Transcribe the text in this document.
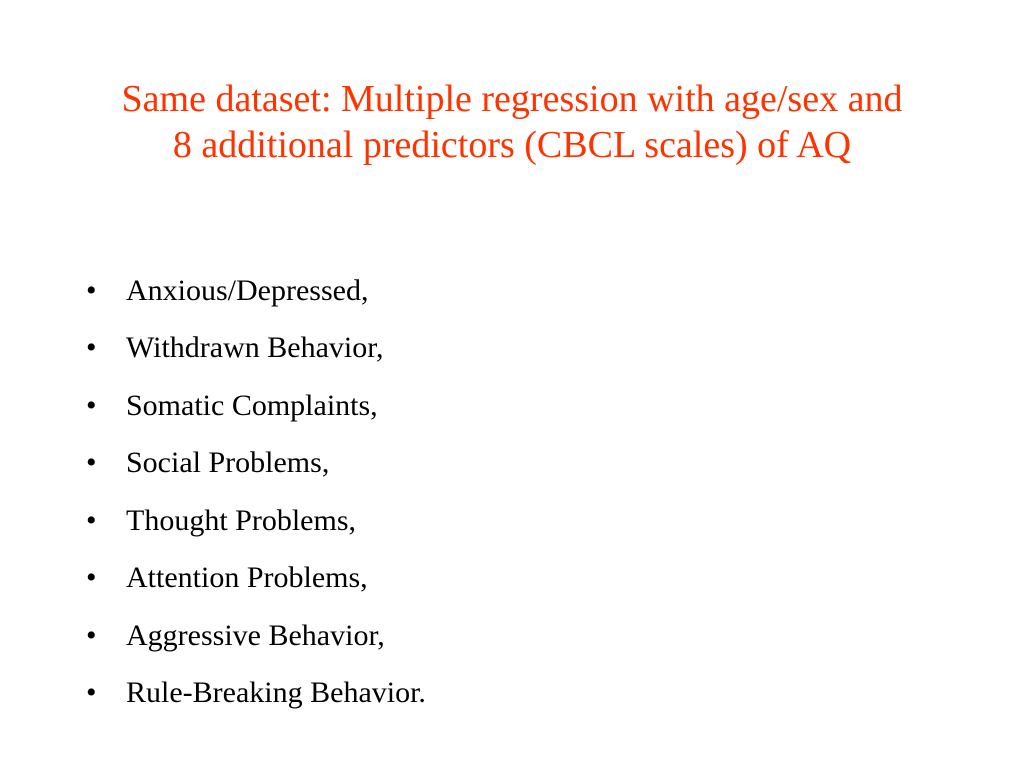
Same dataset: Multiple regression with age/sex and
8 additional predictors (CBCL scales) of AQ
• Anxious/Depressed,
• Withdrawn Behavior,
• Somatic Complaints,
• Social Problems,
• Thought Problems,
• Attention Problems,
• Aggressive Behavior,
• Rule-Breaking Behavior.
